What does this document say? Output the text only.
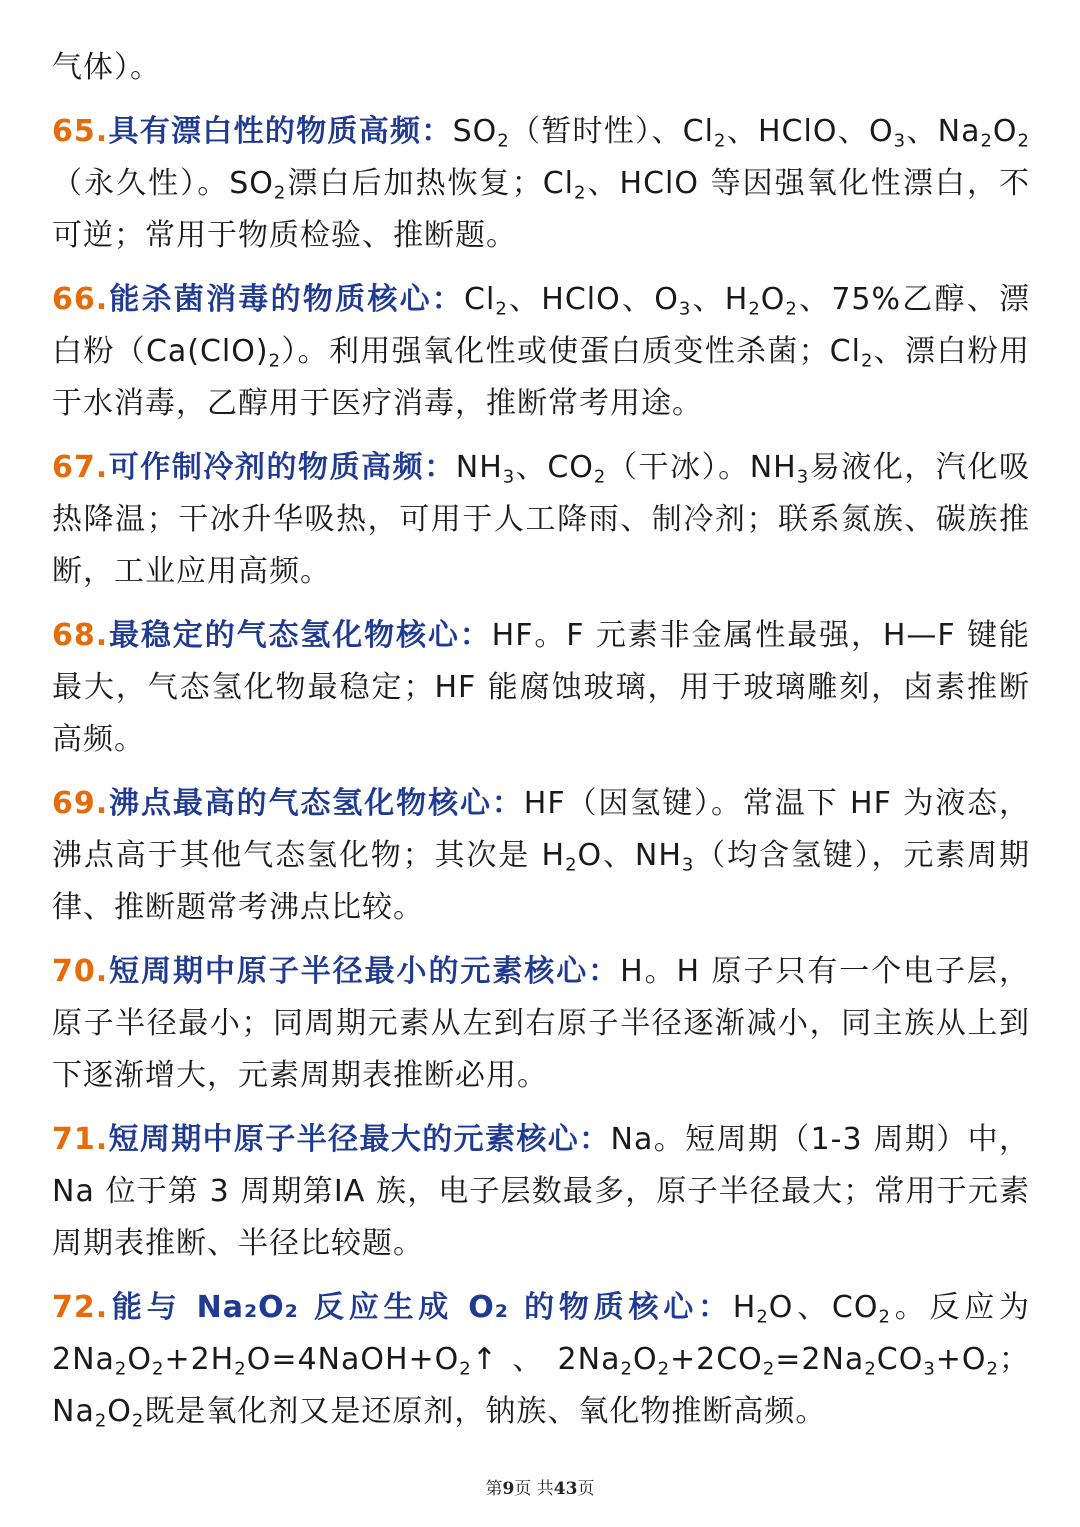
气体）。
65.具有漂白性的物质高频：$SO_2$（暂时性）、$Cl_2$、HClO、$O_3$、$Na_2O_2$（永久性）。$SO_2$漂白后加热恢复；$Cl_2$、HClO 等因强氧化性漂白，不可逆；常用于物质检验、推断题。
66.能杀菌消毒的物质核心：$Cl_2$、HClO、$O_3$、$H_2O_2$、75%乙醇、漂白粉$(Ca(ClO)_2)$。利用强氧化性或使蛋白质变性杀菌；$Cl_2$、漂白粉用于水消毒，乙醇用于医疗消毒，推断常考用途。
67.可作制冷剂的物质高频：$NH_3$、$CO_2$（干冰）。$NH_3$易液化，汽化吸热降温；干冰升华吸热，可用于人工降雨、制冷剂；联系氮族、碳族推断，工业应用高频。
68.最稳定的气态氢化物核心：HF。F 元素非金属性最强，H—F 键能最大，气态氢化物最稳定；HF 能腐蚀玻璃，用于玻璃雕刻，卤素推断高频。
69.沸点最高的气态氢化物核心：HF（因氢键）。常温下 HF 为液态，沸点高于其他气态氢化物；其次是 $H_2O$、$NH_3$（均含氢键），元素周期律、推断题常考沸点比较。
70.短周期中原子半径最小的元素核心：H。H 原子只有一个电子层，原子半径最小；同周期元素从左到右原子半径逐渐减小，同主族从上到下逐渐增大，元素周期表推断必用。
71.短周期中原子半径最大的元素核心：Na。短周期（1-3 周期）中，Na 位于第 3 周期第ⅠA 族，电子层数最多，原子半径最大；常用于元素周期表推断、半径比较题。
72.能与 Na₂O₂ 反应生成 O₂ 的物质核心：$H_2O$、$CO_2$。反应为 $2Na_2O_2+2H_2O=4NaOH+O_2↑$、$2Na_2O_2+2CO_2=2Na_2CO_3+O_2$；$Na_2O_2$既是氧化剂又是还原剂，钠族、氧化物推断高频。
第9页 共43页
